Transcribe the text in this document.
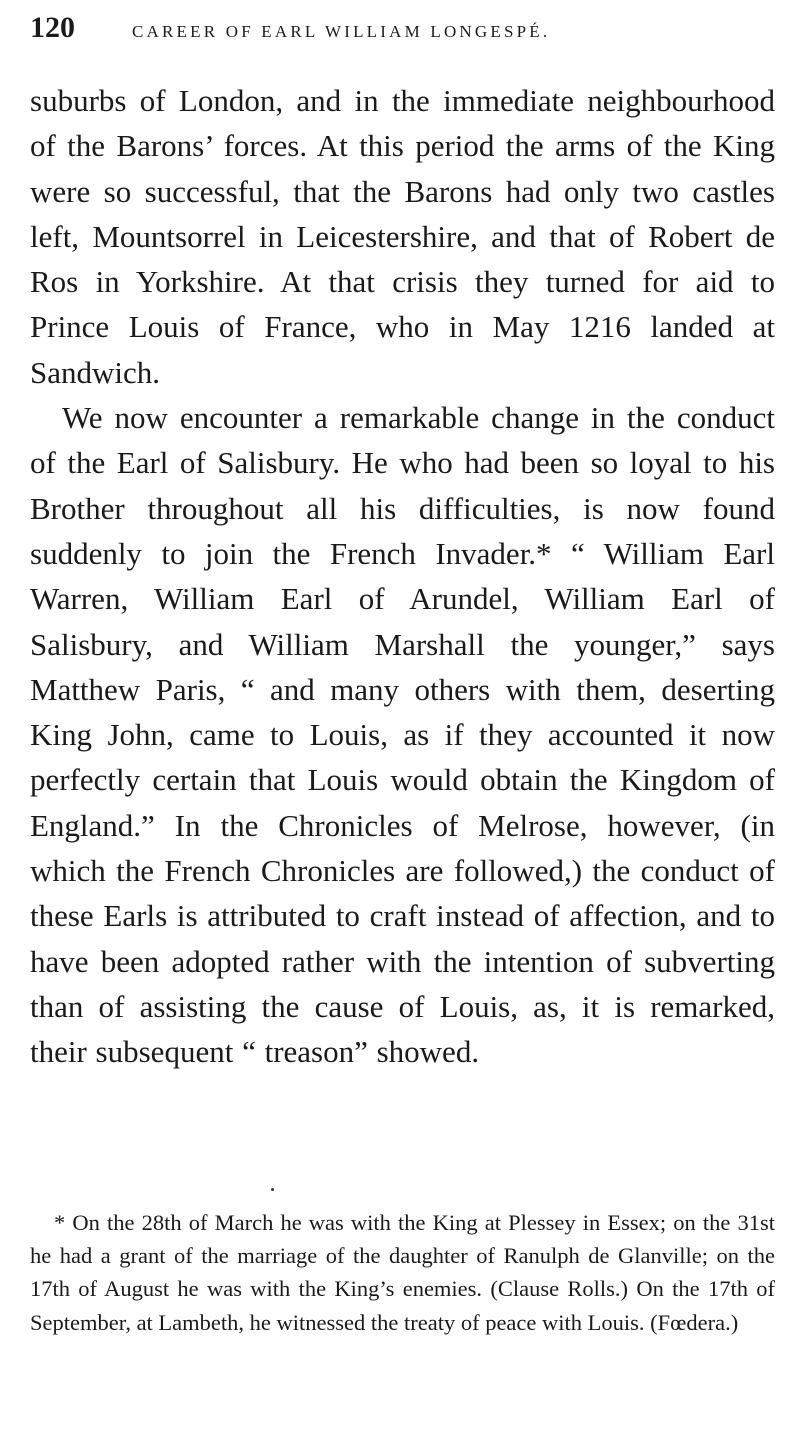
120	CAREER OF EARL WILLIAM LONGESPÉ.

suburbs of London, and in the immediate neighbourhood of the Barons’ forces. At this period the arms of the King were so successful, that the Barons had only two castles left, Mountsorrel in Leicestershire, and that of Robert de Ros in Yorkshire. At that crisis they turned for aid to Prince Louis of France, who in May 1216 landed at Sandwich.

We now encounter a remarkable change in the conduct of the Earl of Salisbury. He who had been so loyal to his Brother throughout all his difficulties, is now found suddenly to join the French Invader.* “ William Earl Warren, William Earl of Arundel, William Earl of Salisbury, and William Marshall the younger,” says Matthew Paris, “ and many others with them, deserting King John, came to Louis, as if they accounted it now perfectly certain that Louis would obtain the Kingdom of England.” In the Chronicles of Melrose, however, (in which the French Chronicles are followed,) the conduct of these Earls is attributed to craft instead of affection, and to have been adopted rather with the intention of subverting than of assisting the cause of Louis, as, it is remarked, their subsequent “ treason” showed.

* On the 28th of March he was with the King at Plessey in Essex; on the 31st he had a grant of the marriage of the daughter of Ranulph de Glanville; on the 17th of August he was with the King’s enemies. (Clause Rolls.) On the 17th of September, at Lambeth, he witnessed the treaty of peace with Louis. (Fœdera.)
